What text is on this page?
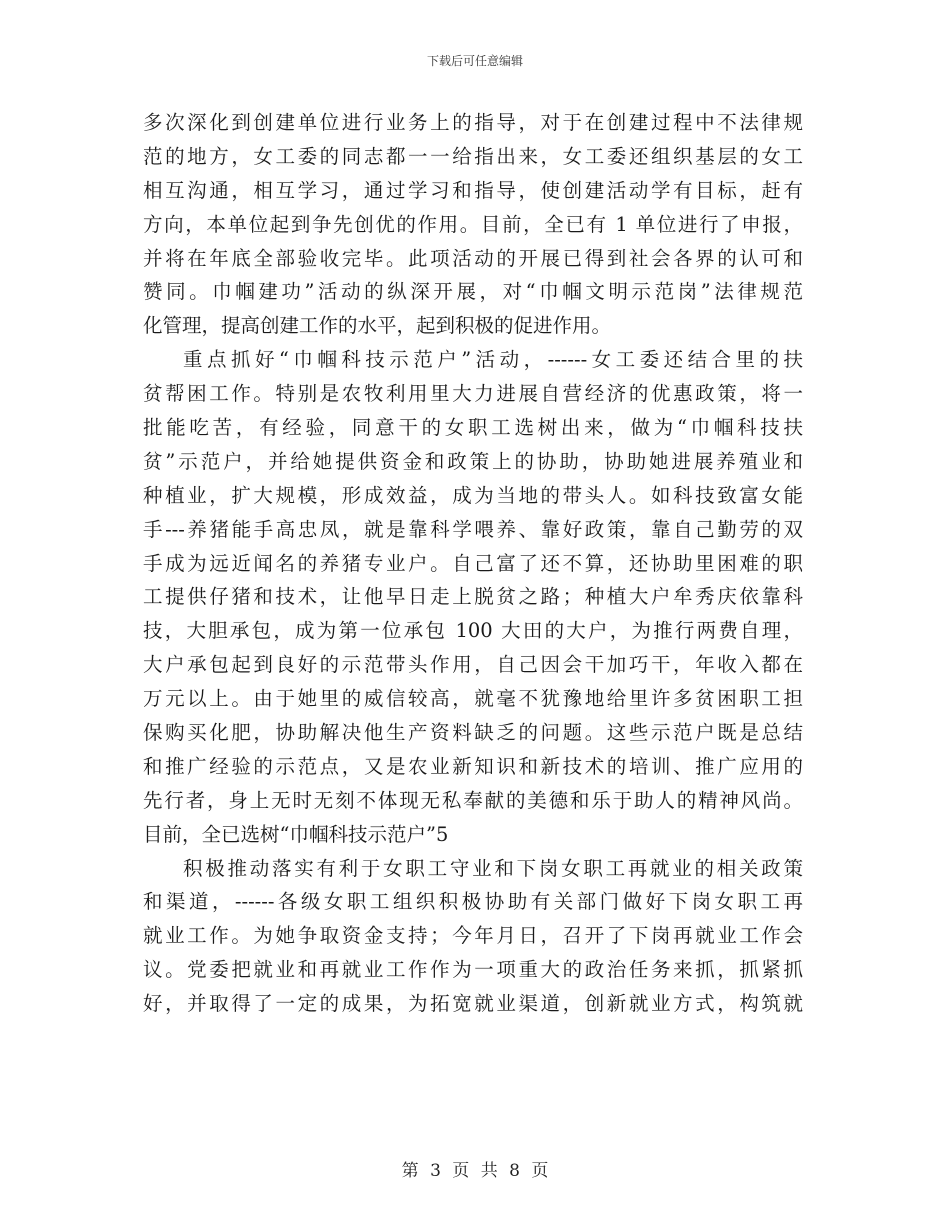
下载后可任意编辑
多次深化到创建单位进行业务上的指导，对于在创建过程中不法律规
范的地方，女工委的同志都一一给指出来，女工委还组织基层的女工
相互沟通，相互学习，通过学习和指导，使创建活动学有目标，赶有
方向，本单位起到争先创优的作用。目前，全已有 1 单位进行了申报，
并将在年底全部验收完毕。此项活动的开展已得到社会各界的认可和
赞同。巾帼建功”活动的纵深开展，对“巾帼文明示范岗”法律规范
化管理，提高创建工作的水平，起到积极的促进作用。
重点抓好“巾帼科技示范户”活动，------女工委还结合里的扶
贫帮困工作。特别是农牧利用里大力进展自营经济的优惠政策，将一
批能吃苦，有经验，同意干的女职工选树出来，做为“巾帼科技扶
贫”示范户，并给她提供资金和政策上的协助，协助她进展养殖业和
种植业，扩大规模，形成效益，成为当地的带头人。如科技致富女能
手---养猪能手高忠凤，就是靠科学喂养、靠好政策，靠自己勤劳的双
手成为远近闻名的养猪专业户。自己富了还不算，还协助里困难的职
工提供仔猪和技术，让他早日走上脱贫之路；种植大户牟秀庆依靠科
技，大胆承包，成为第一位承包 100 大田的大户，为推行两费自理，
大户承包起到良好的示范带头作用，自己因会干加巧干，年收入都在
万元以上。由于她里的威信较高，就毫不犹豫地给里许多贫困职工担
保购买化肥，协助解决他生产资料缺乏的问题。这些示范户既是总结
和推广经验的示范点，又是农业新知识和新技术的培训、推广应用的
先行者，身上无时无刻不体现无私奉献的美德和乐于助人的精神风尚。
目前，全已选树“巾帼科技示范户”5
积极推动落实有利于女职工守业和下岗女职工再就业的相关政策
和渠道，------各级女职工组织积极协助有关部门做好下岗女职工再
就业工作。为她争取资金支持；今年月日，召开了下岗再就业工作会
议。党委把就业和再就业工作作为一项重大的政治任务来抓，抓紧抓
好，并取得了一定的成果，为拓宽就业渠道，创新就业方式，构筑就
第 3 页 共 8 页
